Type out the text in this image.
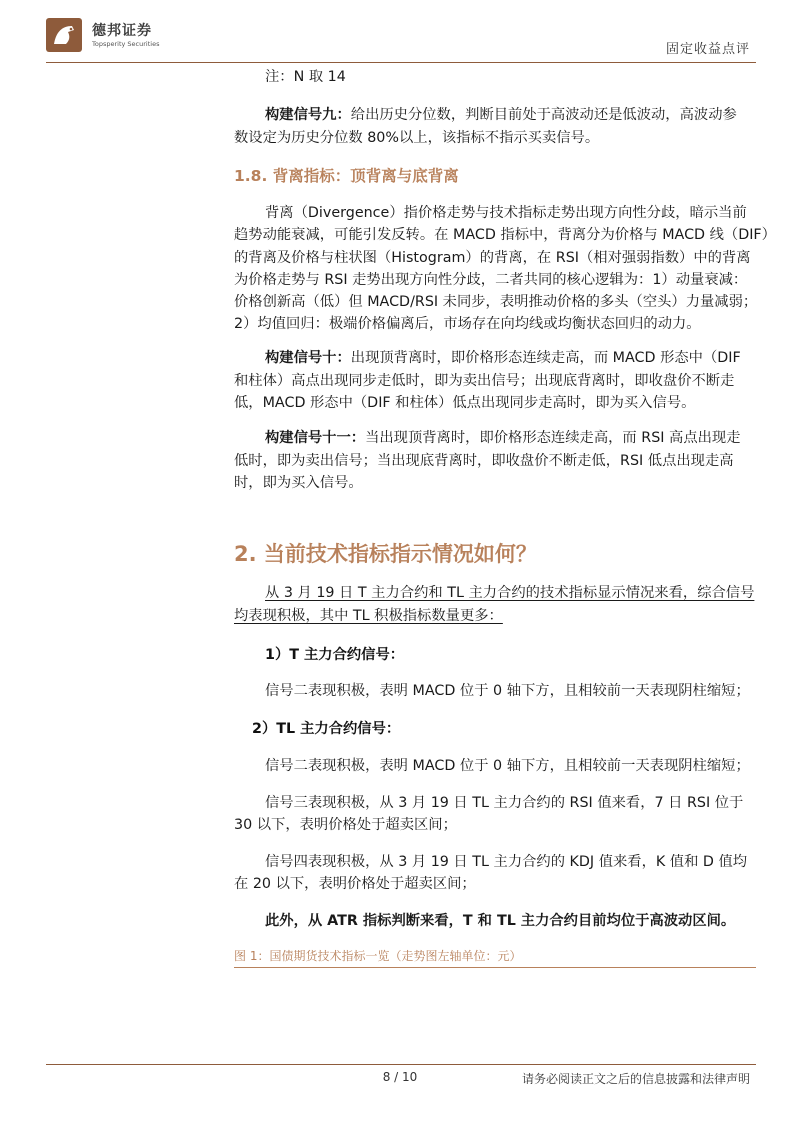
德邦证券
Topsperity Securities	固定收益点评
注：N 取 14
构建信号九：给出历史分位数，判断目前处于高波动还是低波动，高波动参
数设定为历史分位数 80%以上，该指标不指示买卖信号。
1.8. 背离指标：顶背离与底背离
背离（Divergence）指价格走势与技术指标走势出现方向性分歧，暗示当前
趋势动能衰减，可能引发反转。在 MACD 指标中，背离分为价格与 MACD 线（DIF）
的背离及价格与柱状图（Histogram）的背离，在 RSI（相对强弱指数）中的背离
为价格走势与 RSI 走势出现方向性分歧，二者共同的核心逻辑为：1）动量衰减：
价格创新高（低）但 MACD/RSI 未同步，表明推动价格的多头（空头）力量减弱；
2）均值回归：极端价格偏离后，市场存在向均线或均衡状态回归的动力。
构建信号十：出现顶背离时，即价格形态连续走高，而 MACD 形态中（DIF
和柱体）高点出现同步走低时，即为卖出信号；出现底背离时，即收盘价不断走
低，MACD 形态中（DIF 和柱体）低点出现同步走高时，即为买入信号。
构建信号十一：当出现顶背离时，即价格形态连续走高，而 RSI 高点出现走
低时，即为卖出信号；当出现底背离时，即收盘价不断走低，RSI 低点出现走高
时，即为买入信号。
2. 当前技术指标指示情况如何？
从 3 月 19 日 T 主力合约和 TL 主力合约的技术指标显示情况来看，综合信号
均表现积极，其中 TL 积极指标数量更多：
1）T 主力合约信号：
信号二表现积极，表明 MACD 位于 0 轴下方，且相较前一天表现阴柱缩短；
2）TL 主力合约信号：
信号二表现积极，表明 MACD 位于 0 轴下方，且相较前一天表现阴柱缩短；
信号三表现积极，从 3 月 19 日 TL 主力合约的 RSI 值来看，7 日 RSI 位于
30 以下，表明价格处于超卖区间；
信号四表现积极，从 3 月 19 日 TL 主力合约的 KDJ 值来看，K 值和 D 值均
在 20 以下，表明价格处于超卖区间；
此外，从 ATR 指标判断来看，T 和 TL 主力合约目前均位于高波动区间。
图 1：国债期货技术指标一览（走势图左轴单位：元）
8 / 10	请务必阅读正文之后的信息披露和法律声明
